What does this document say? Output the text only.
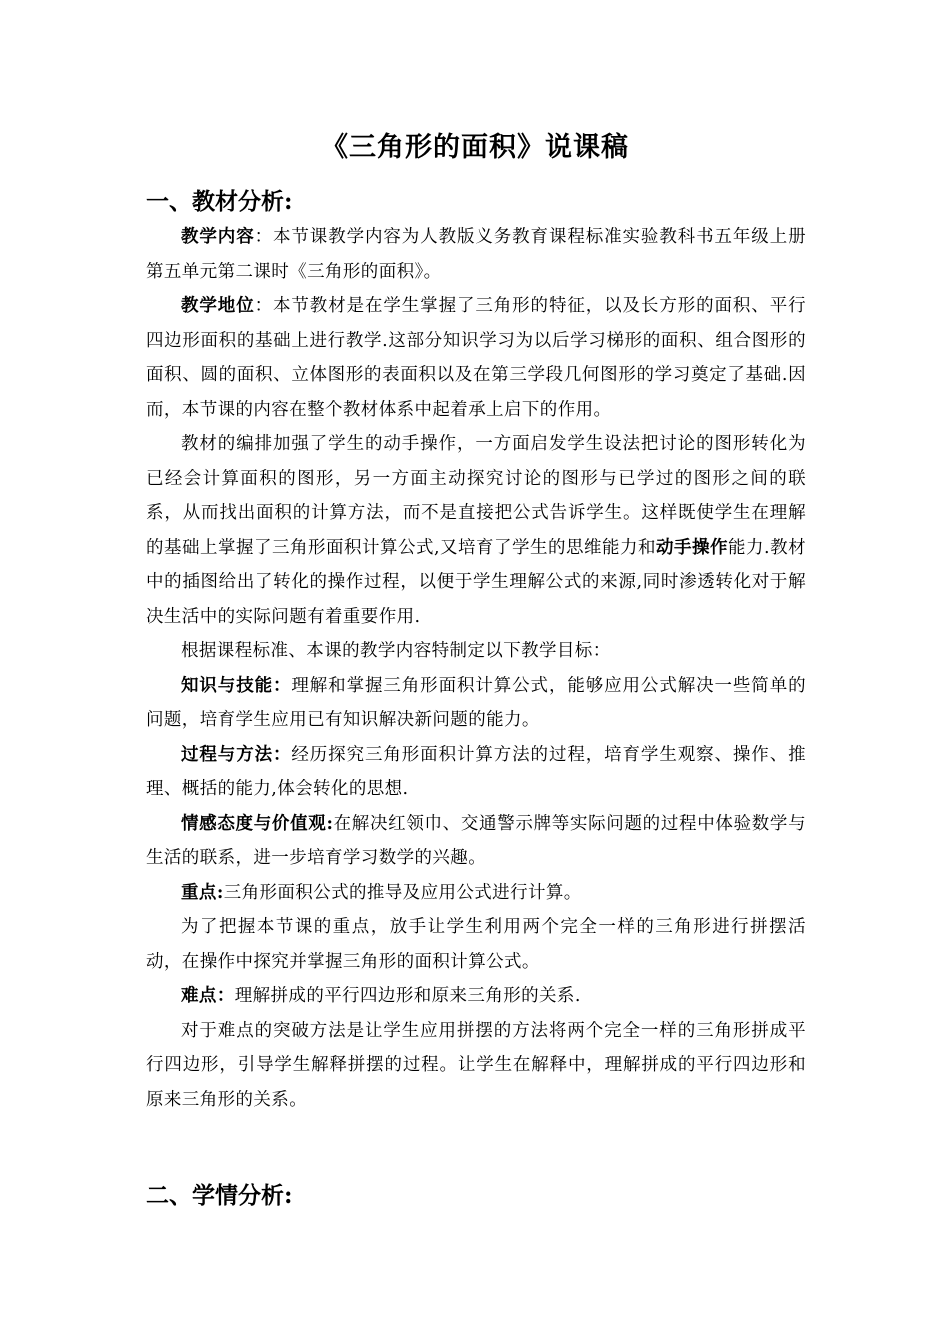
《三角形的面积》说课稿
一、教材分析:

教学内容：本节课教学内容为人教版义务教育课程标准实验教科书五年级上册第五单元第二课时《三角形的面积》。

教学地位：本节教材是在学生掌握了三角形的特征，以及长方形的面积、平行四边形面积的基础上进行教学.这部分知识学习为以后学习梯形的面积、组合图形的面积、圆的面积、立体图形的表面积以及在第三学段几何图形的学习奠定了基础.因而，本节课的内容在整个教材体系中起着承上启下的作用。

教材的编排加强了学生的动手操作，一方面启发学生设法把讨论的图形转化为已经会计算面积的图形，另一方面主动探究讨论的图形与已学过的图形之间的联系，从而找出面积的计算方法，而不是直接把公式告诉学生。这样既使学生在理解的基础上掌握了三角形面积计算公式,又培育了学生的思维能力和动手操作能力.教材中的插图给出了转化的操作过程，以便于学生理解公式的来源,同时渗透转化对于解决生活中的实际问题有着重要作用.

根据课程标准、本课的教学内容特制定以下教学目标：

知识与技能：理解和掌握三角形面积计算公式，能够应用公式解决一些简单的问题，培育学生应用已有知识解决新问题的能力。

过程与方法：经历探究三角形面积计算方法的过程，培育学生观察、操作、推理、概括的能力,体会转化的思想.

情感态度与价值观:在解决红领巾、交通警示牌等实际问题的过程中体验数学与生活的联系，进一步培育学习数学的兴趣。

重点:三角形面积公式的推导及应用公式进行计算。

为了把握本节课的重点，放手让学生利用两个完全一样的三角形进行拼摆活动，在操作中探究并掌握三角形的面积计算公式。

难点：理解拼成的平行四边形和原来三角形的关系.

对于难点的突破方法是让学生应用拼摆的方法将两个完全一样的三角形拼成平行四边形，引导学生解释拼摆的过程。让学生在解释中，理解拼成的平行四边形和原来三角形的关系。

二、学情分析:
